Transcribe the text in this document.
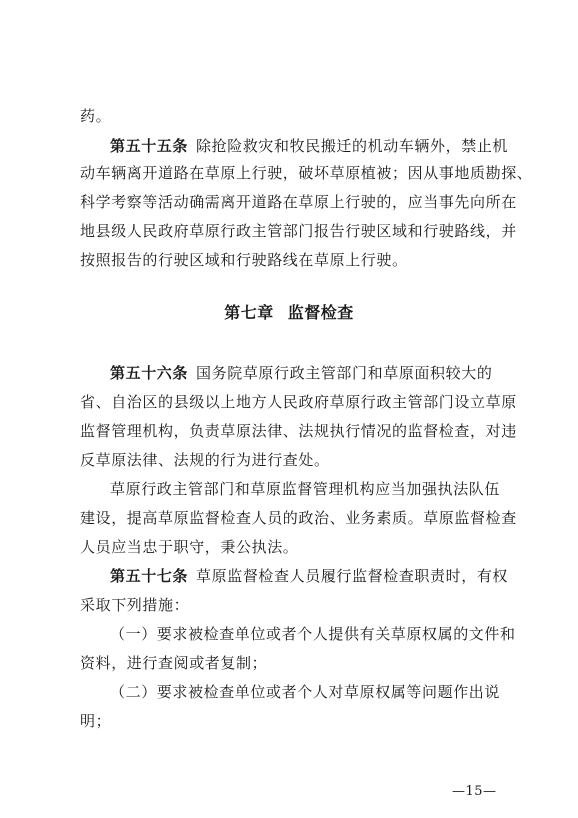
药。
第五十五条 除抢险救灾和牧民搬迁的机动车辆外，禁止机
动车辆离开道路在草原上行驶，破坏草原植被；因从事地质勘探、
科学考察等活动确需离开道路在草原上行驶的，应当事先向所在
地县级人民政府草原行政主管部门报告行驶区域和行驶路线，并
按照报告的行驶区域和行驶路线在草原上行驶。
第七章 监督检查
第五十六条 国务院草原行政主管部门和草原面积较大的
省、自治区的县级以上地方人民政府草原行政主管部门设立草原
监督管理机构，负责草原法律、法规执行情况的监督检查，对违
反草原法律、法规的行为进行查处。
草原行政主管部门和草原监督管理机构应当加强执法队伍
建设，提高草原监督检查人员的政治、业务素质。草原监督检查
人员应当忠于职守，秉公执法。
第五十七条 草原监督检查人员履行监督检查职责时，有权
采取下列措施：
（一）要求被检查单位或者个人提供有关草原权属的文件和
资料，进行查阅或者复制；
（二）要求被检查单位或者个人对草原权属等问题作出说
明；
—15—
